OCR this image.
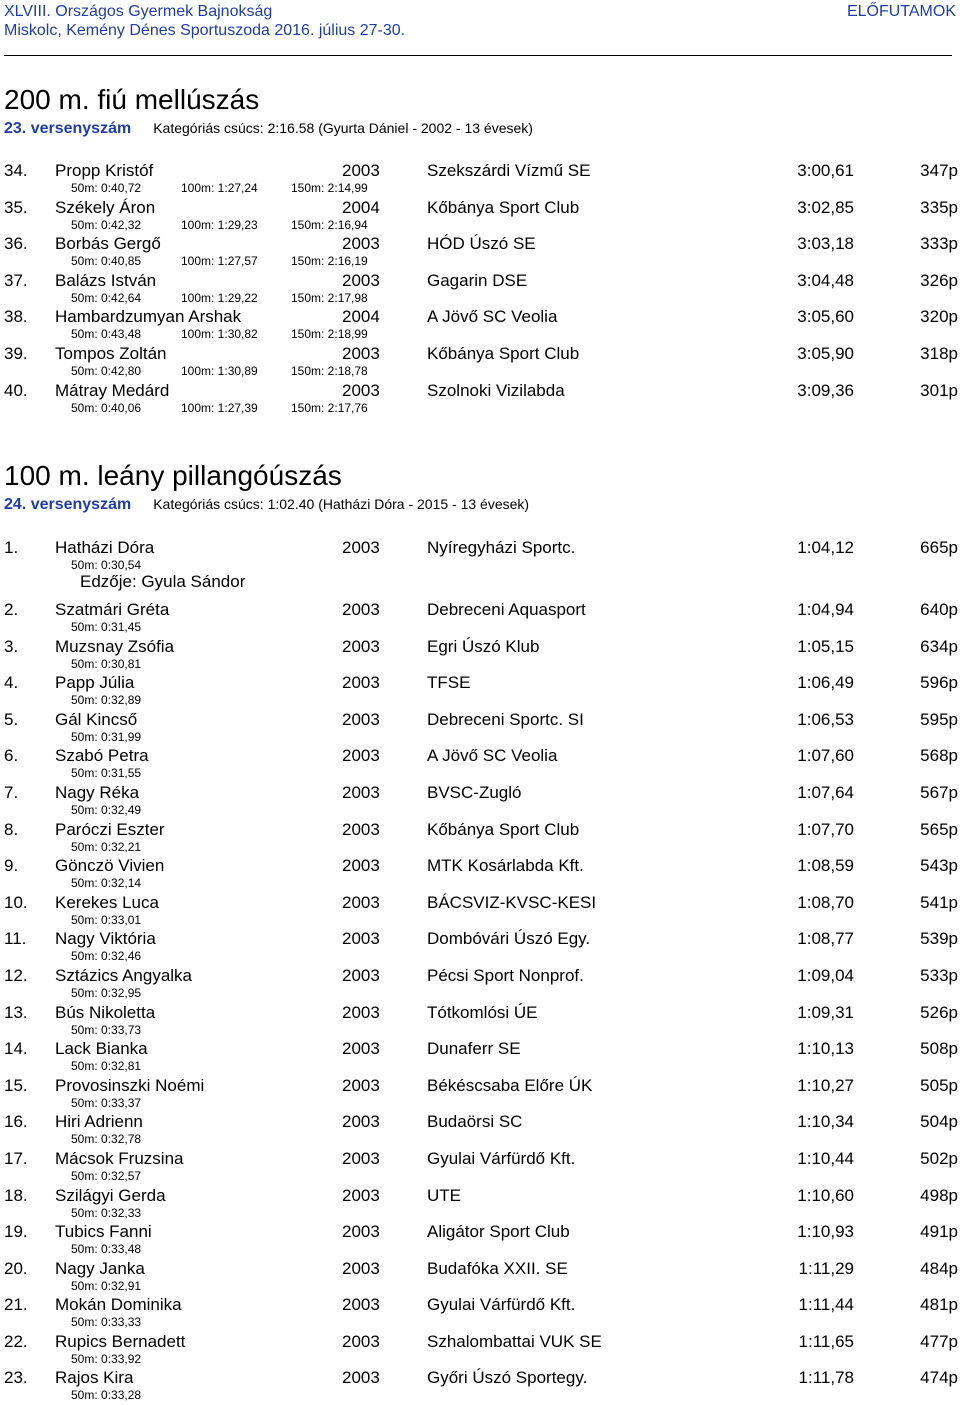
XLVIII. Országos Gyermek Bajnokság	ELŐFUTAMOK
Miskolc, Kemény Dénes Sportuszoda 2016. július 27-30.
200 m. fiú mellúszás
23. versenyszám Kategóriás csúcs: 2:16.58 (Gyurta Dániel - 2002 - 13 évesek)
34. Propp Kristóf	2003	Szekszárdi Vízmű SE	3:00,61	347p
50m: 0:40,72	100m: 1:27,24	150m: 2:14,99
35. Székely Áron	2004	Kőbánya Sport Club	3:02,85	335p
50m: 0:42,32	100m: 1:29,23	150m: 2:16,94
36. Borbás Gergő	2003	HÓD Úszó SE	3:03,18	333p
50m: 0:40,85	100m: 1:27,57	150m: 2:16,19
37. Balázs István	2003	Gagarin DSE	3:04,48	326p
50m: 0:42,64	100m: 1:29,22	150m: 2:17,98
38. Hambardzumyan Arshak	2004	A Jövő SC Veolia	3:05,60	320p
50m: 0:43,48	100m: 1:30,82	150m: 2:18,99
39. Tompos Zoltán	2003	Kőbánya Sport Club	3:05,90	318p
50m: 0:42,80	100m: 1:30,89	150m: 2:18,78
40. Mátray Medárd	2003	Szolnoki Vizilabda	3:09,36	301p
50m: 0:40,06	100m: 1:27,39	150m: 2:17,76
100 m. leány pillangóúszás
24. versenyszám Kategóriás csúcs: 1:02.40 (Hatházi Dóra - 2015 - 13 évesek)
1. Hatházi Dóra	2003	Nyíregyházi Sportc.	1:04,12	665p
50m: 0:30,54
Edzője: Gyula Sándor
2. Szatmári Gréta	2003	Debreceni Aquasport	1:04,94	640p
50m: 0:31,45
3. Muzsnay Zsófia	2003	Egri Úszó Klub	1:05,15	634p
50m: 0:30,81
4. Papp Júlia	2003	TFSE	1:06,49	596p
50m: 0:32,89
5. Gál Kincső	2003	Debreceni Sportc. SI	1:06,53	595p
50m: 0:31,99
6. Szabó Petra	2003	A Jövő SC Veolia	1:07,60	568p
50m: 0:31,55
7. Nagy Réka	2003	BVSC-Zugló	1:07,64	567p
50m: 0:32,49
8. Paróczi Eszter	2003	Kőbánya Sport Club	1:07,70	565p
50m: 0:32,21
9. Gönczö Vivien	2003	MTK Kosárlabda Kft.	1:08,59	543p
50m: 0:32,14
10. Kerekes Luca	2003	BÁCSVIZ-KVSC-KESI	1:08,70	541p
50m: 0:33,01
11. Nagy Viktória	2003	Dombóvári Úszó Egy.	1:08,77	539p
50m: 0:32,46
12. Sztázics Angyalka	2003	Pécsi Sport Nonprof.	1:09,04	533p
50m: 0:32,95
13. Bús Nikoletta	2003	Tótkomlósi ÚE	1:09,31	526p
50m: 0:33,73
14. Lack Bianka	2003	Dunaferr SE	1:10,13	508p
50m: 0:32,81
15. Provosinszki Noémi	2003	Békéscsaba Előre ÚK	1:10,27	505p
50m: 0:33,37
16. Hiri Adrienn	2003	Budaörsi SC	1:10,34	504p
50m: 0:32,78
17. Mácsok Fruzsina	2003	Gyulai Várfürdő Kft.	1:10,44	502p
50m: 0:32,57
18. Szilágyi Gerda	2003	UTE	1:10,60	498p
50m: 0:32,33
19. Tubics Fanni	2003	Aligátor Sport Club	1:10,93	491p
50m: 0:33,48
20. Nagy Janka	2003	Budafóka XXII. SE	1:11,29	484p
50m: 0:32,91
21. Mokán Dominika	2003	Gyulai Várfürdő Kft.	1:11,44	481p
50m: 0:33,33
22. Rupics Bernadett	2003	Szhalombattai VUK SE	1:11,65	477p
50m: 0:33,92
23. Rajos Kira	2003	Győri Úszó Sportegy.	1:11,78	474p
50m: 0:33,28
